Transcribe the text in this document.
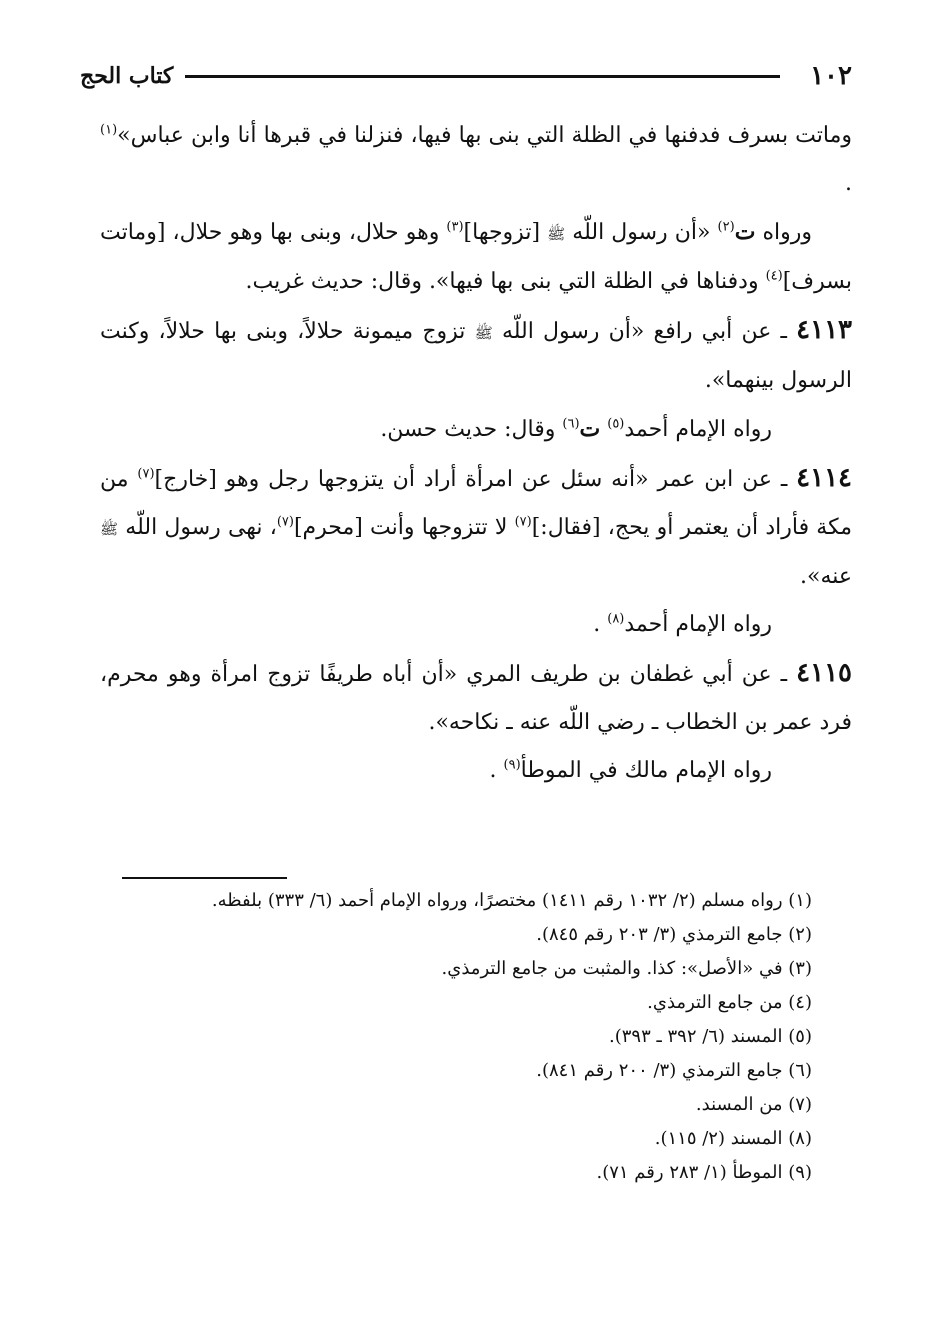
١٠٢
كتاب الحج

وماتت بسرف فدفنها في الظلة التي بنى بها فيها، فنزلنا في قبرها أنا وابن عباس»$^{(١)}$ .

ورواه ت$^{(٢)}$ «أن رسول اللّه ﷺ [تزوجها]$^{(٣)}$ وهو حلال، وبنى بها وهو حلال، [وماتت بسرف]$^{(٤)}$ ودفناها في الظلة التي بنى بها فيها». وقال: حديث غريب.

٤١١٣ ـ عن أبي رافع «أن رسول اللّه ﷺ تزوج ميمونة حلالاً، وبنى بها حلالاً، وكنت الرسول بينهما».

رواه الإمام أحمد$^{(٥)}$ ت$^{(٦)}$ وقال: حديث حسن.

٤١١٤ ـ عن ابن عمر «أنه سئل عن امرأة أراد أن يتزوجها رجل وهو [خارج]$^{(٧)}$ من مكة فأراد أن يعتمر أو يحج، [فقال:]$^{(٧)}$ لا تتزوجها وأنت [محرم]$^{(٧)}$، نهى رسول اللّه ﷺ عنه».

رواه الإمام أحمد$^{(٨)}$ .

٤١١٥ ـ عن أبي غطفان بن طريف المري «أن أباه طريفًا تزوج امرأة وهو محرم، فرد عمر بن الخطاب ـ رضي اللّه عنه ـ نكاحه».

رواه الإمام مالك في الموطأ$^{(٩)}$ .

(١) رواه مسلم (٢/ ١٠٣٢ رقم ١٤١١) مختصرًا، ورواه الإمام أحمد (٦/ ٣٣٣) بلفظه.

(٢) جامع الترمذي (٣/ ٢٠٣ رقم ٨٤٥).

(٣) في «الأصل»: كذا. والمثبت من جامع الترمذي.

(٤) من جامع الترمذي.

(٥) المسند (٦/ ٣٩٢ ـ ٣٩٣).

(٦) جامع الترمذي (٣/ ٢٠٠ رقم ٨٤١).

(٧) من المسند.

(٨) المسند (٢/ ١١٥).

(٩) الموطأ (١/ ٢٨٣ رقم ٧١).
